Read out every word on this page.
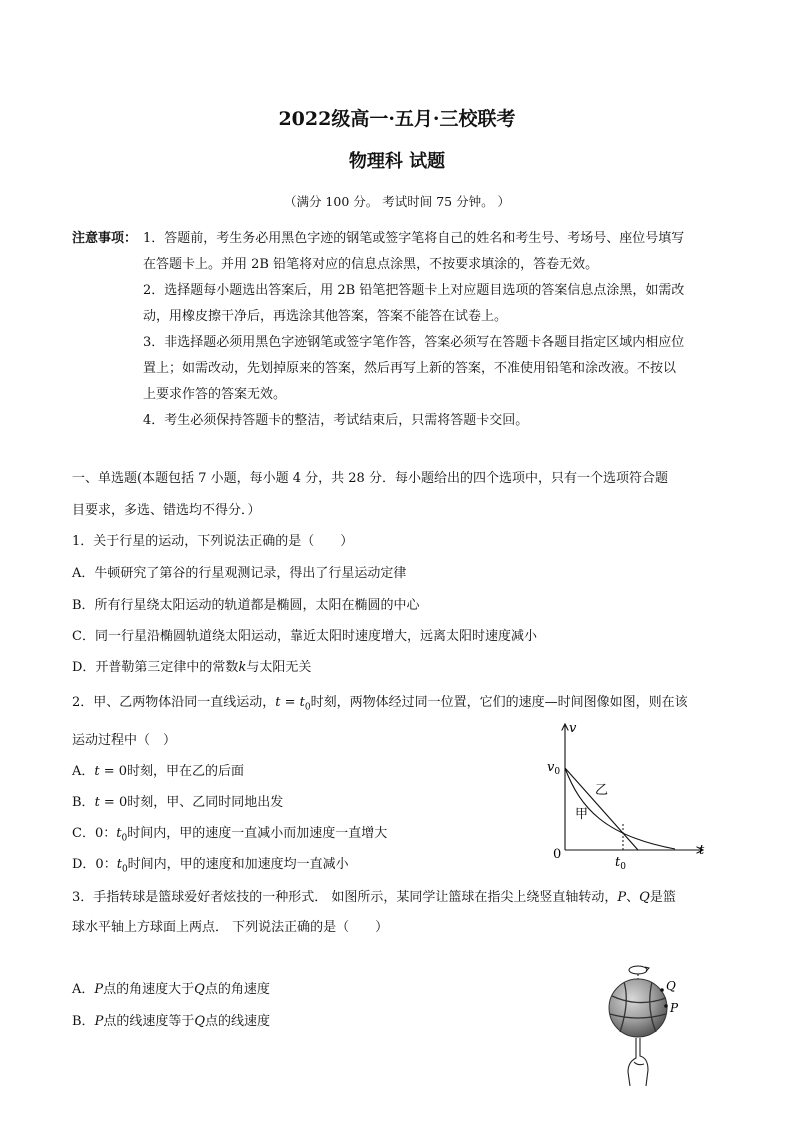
2022级高一·五月·三校联考
物理科 试题
（满分 100 分。 考试时间 75 分钟。 ）
注意事项： 1．答题前，考生务必用黑色字迹的钢笔或签字笔将自己的姓名和考生号、考场号、座位号填写
在答题卡上。并用 2B 铅笔将对应的信息点涂黑，不按要求填涂的，答卷无效。
2．选择题每小题选出答案后，用 2B 铅笔把答题卡上对应题目选项的答案信息点涂黑，如需改
动，用橡皮擦干净后，再选涂其他答案，答案不能答在试卷上。
3．非选择题必须用黑色字迹钢笔或签字笔作答，答案必须写在答题卡各题目指定区域内相应位
置上；如需改动，先划掉原来的答案，然后再写上新的答案，不准使用铅笔和涂改液。不按以
上要求作答的答案无效。
4．考生必须保持答题卡的整洁，考试结束后，只需将答题卡交回。
一、单选题(本题包括 7 小题，每小题 4 分，共 28 分．每小题给出的四个选项中，只有一个选项符合题
目要求，多选、错选均不得分．）
1．关于行星的运动，下列说法正确的是（　　）
A．牛顿研究了第谷的行星观测记录，得出了行星运动定律
B．所有行星绕太阳运动的轨道都是椭圆，太阳在椭圆的中心
C．同一行星沿椭圆轨道绕太阳运动，靠近太阳时速度增大，远离太阳时速度减小
D．开普勒第三定律中的常数k与太阳无关
2．甲、乙两物体沿同一直线运动，$t = t_0$时刻，两物体经过同一位置，它们的速度—时间图像如图，则在该
运动过程中（　）
A．t = 0时刻，甲在乙的后面
B．t = 0时刻，甲、乙同时同地出发
C．0：$t_0$时间内，甲的速度一直减小而加速度一直增大
D．0：$t_0$时间内，甲的速度和加速度均一直减小
v
t
0
$v_0$
$t_0$
乙
甲
3．手指转球是篮球爱好者炫技的一种形式． 如图所示，某同学让篮球在指尖上绕竖直轴转动，P、Q是篮
球水平轴上方球面上两点． 下列说法正确的是（　　）
A．P点的角速度大于Q点的角速度
B．P点的线速度等于Q点的线速度
Q
P
